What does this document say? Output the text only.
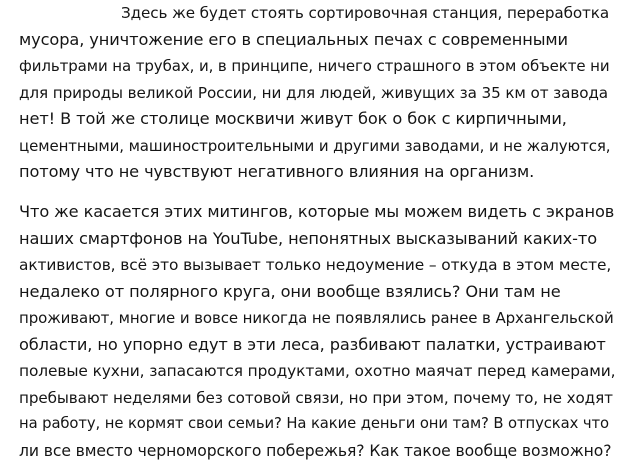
Здесь же будет стоять сортировочная станция, переработка
мусора, уничтожение его в специальных печах с современными
фильтрами на трубах, и, в принципе, ничего страшного в этом объекте ни
для природы великой России, ни для людей, живущих за 35 км от завода
нет! В той же столице москвичи живут бок о бок с кирпичными,
цементными, машиностроительными и другими заводами, и не жалуются,
потому что не чувствуют негативного влияния на организм.
Что же касается этих митингов, которые мы можем видеть с экранов
наших смартфонов на YouTube, непонятных высказываний каких-то
активистов, всё это вызывает только недоумение – откуда в этом месте,
недалеко от полярного круга, они вообще взялись? Они там не
проживают, многие и вовсе никогда не появлялись ранее в Архангельской
области, но упорно едут в эти леса, разбивают палатки, устраивают
полевые кухни, запасаются продуктами, охотно маячат перед камерами,
пребывают неделями без сотовой связи, но при этом, почему то, не ходят
на работу, не кормят свои семьи? На какие деньги они там? В отпусках что
ли все вместо черноморского побережья? Как такое вообще возможно?
